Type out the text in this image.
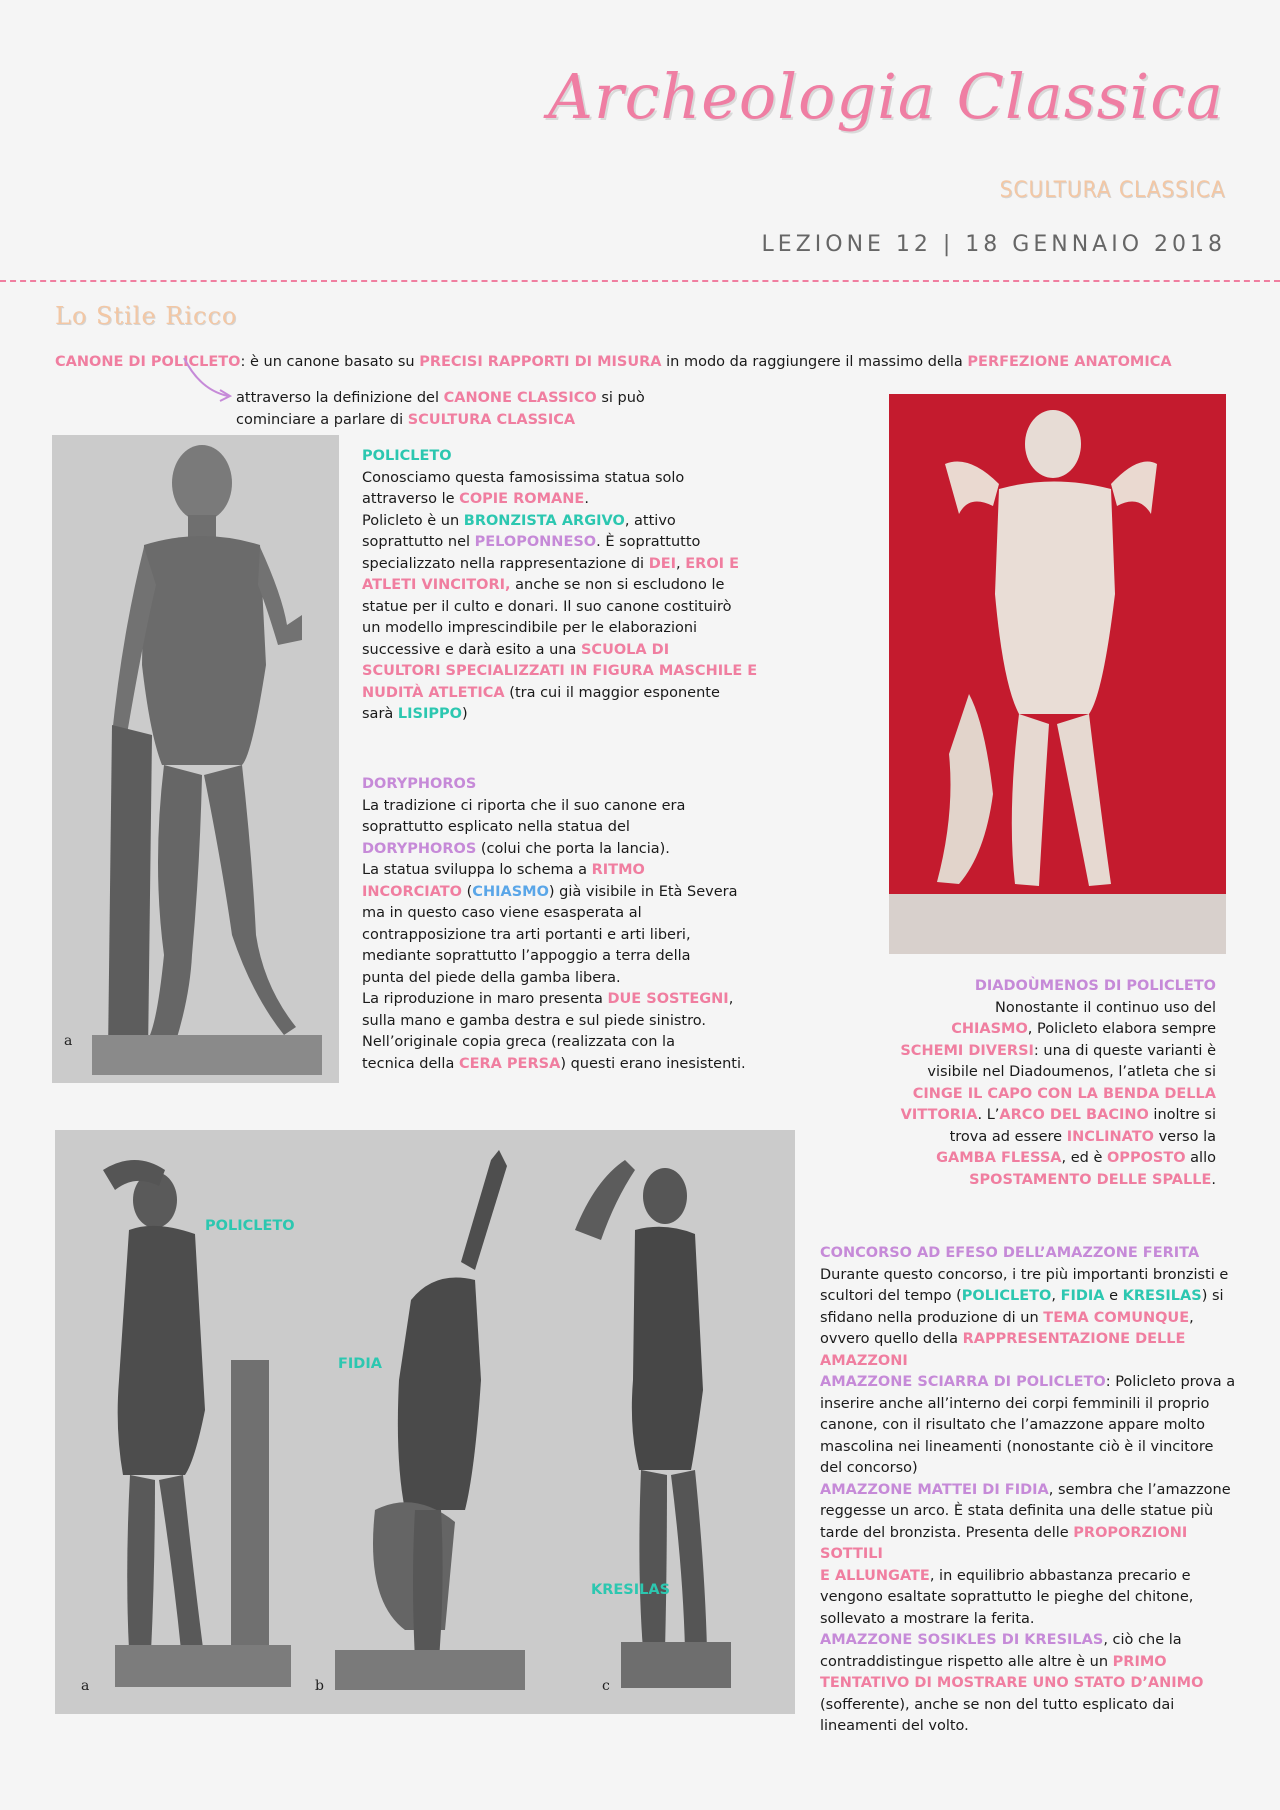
Archeologia Classica
SCULTURA CLASSICA
LEZIONE 12 | 18 GENNAIO 2018
Lo Stile Ricco
CANONE DI POLICLETO: è un canone basato su PRECISI RAPPORTI DI MISURA in modo da raggiungere il massimo della PERFEZIONE ANATOMICA
attraverso la definizione del CANONE CLASSICO si può
cominciare a parlare di SCULTURA CLASSICA
a
POLICLETO
Conosciamo questa famosissima statua solo
attraverso le COPIE ROMANE.
Policleto è un BRONZISTA ARGIVO, attivo
soprattutto nel PELOPONNESO. È soprattutto
specializzato nella rappresentazione di DEI, EROI E
ATLETI VINCITORI, anche se non si escludono le
statue per il culto e donari. Il suo canone costituirò
un modello imprescindibile per le elaborazioni
successive e darà esito a una SCUOLA DI
SCULTORI SPECIALIZZATI IN FIGURA MASCHILE E
NUDITÀ ATLETICA (tra cui il maggior esponente
sarà LISIPPO)
DORYPHOROS
La tradizione ci riporta che il suo canone era
soprattutto esplicato nella statua del
DORYPHOROS (colui che porta la lancia).
La statua sviluppa lo schema a RITMO
INCORCIATO (CHIASMO) già visibile in Età Severa
ma in questo caso viene esasperata al
contrapposizione tra arti portanti e arti liberi,
mediante soprattutto l’appoggio a terra della
punta del piede della gamba libera.
La riproduzione in maro presenta DUE SOSTEGNI,
sulla mano e gamba destra e sul piede sinistro.
Nell’originale copia greca (realizzata con la
tecnica della CERA PERSA) questi erano inesistenti.
DIADOÙMENOS DI POLICLETO
Nonostante il continuo uso del
CHIASMO, Policleto elabora sempre
SCHEMI DIVERSI: una di queste varianti è
visibile nel Diadoumenos, l’atleta che si
CINGE IL CAPO CON LA BENDA DELLA
VITTORIA. L’ARCO DEL BACINO inoltre si
trova ad essere INCLINATO verso la
GAMBA FLESSA, ed è OPPOSTO allo
SPOSTAMENTO DELLE SPALLE.
POLICLETO
FIDIA
KRESILAS
a	b	c
CONCORSO AD EFESO DELL’AMAZZONE FERITA
Durante questo concorso, i tre più importanti bronzisti e
scultori del tempo (POLICLETO, FIDIA e KRESILAS) si
sfidano nella produzione di un TEMA COMUNQUE,
ovvero quello della RAPPRESENTAZIONE DELLE AMAZZONI
AMAZZONE SCIARRA DI POLICLETO: Policleto prova a
inserire anche all’interno dei corpi femminili il proprio
canone, con il risultato che l’amazzone appare molto
mascolina nei lineamenti (nonostante ciò è il vincitore
del concorso)
AMAZZONE MATTEI DI FIDIA, sembra che l’amazzone
reggesse un arco. È stata definita una delle statue più
tarde del bronzista. Presenta delle PROPORZIONI SOTTILI
E ALLUNGATE, in equilibrio abbastanza precario e
vengono esaltate soprattutto le pieghe del chitone,
sollevato a mostrare la ferita.
AMAZZONE SOSIKLES DI KRESILAS, ciò che la
contraddistingue rispetto alle altre è un PRIMO
TENTATIVO DI MOSTRARE UNO STATO D’ANIMO
(sofferente), anche se non del tutto esplicato dai
lineamenti del volto.
